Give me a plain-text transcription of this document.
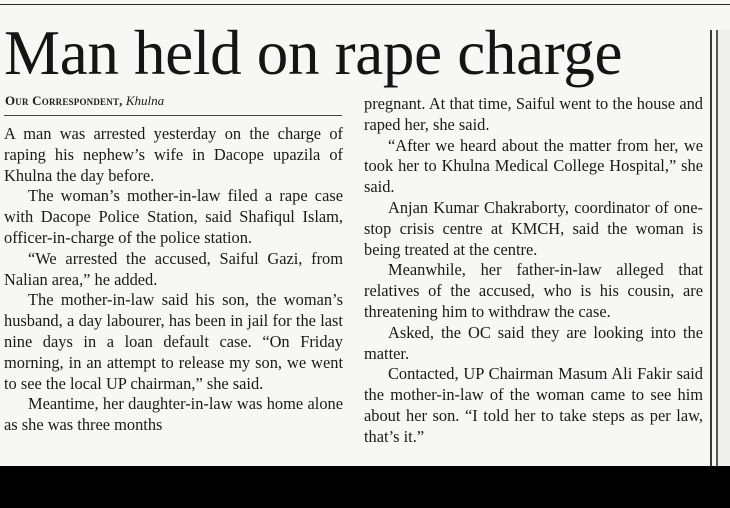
Man held on rape charge
Our Correspondent, Khulna

A man was arrested yesterday on the charge of raping his nephew’s wife in Dacope upazila of Khulna the day before.

The woman’s mother-in-law filed a rape case with Dacope Police Station, said Shafiqul Islam, officer-in-charge of the police station.

“We arrested the accused, Saiful Gazi, from Nalian area,” he added.

The mother-in-law said his son, the woman’s husband, a day labourer, has been in jail for the last nine days in a loan default case. “On Friday morning, in an attempt to release my son, we went to see the local UP chairman,” she said.

Meantime, her daughter-in-law was home alone as she was three months

pregnant. At that time, Saiful went to the house and raped her, she said.

“After we heard about the matter from her, we took her to Khulna Medical College Hospital,” she said.

Anjan Kumar Chakraborty, coordinator of one-stop crisis centre at KMCH, said the woman is being treated at the centre.

Meanwhile, her father-in-law alleged that relatives of the accused, who is his cousin, are threatening him to withdraw the case.

Asked, the OC said they are looking into the matter.

Contacted, UP Chairman Masum Ali Fakir said the mother-in-law of the woman came to see him about her son. “I told her to take steps as per law, that’s it.”
